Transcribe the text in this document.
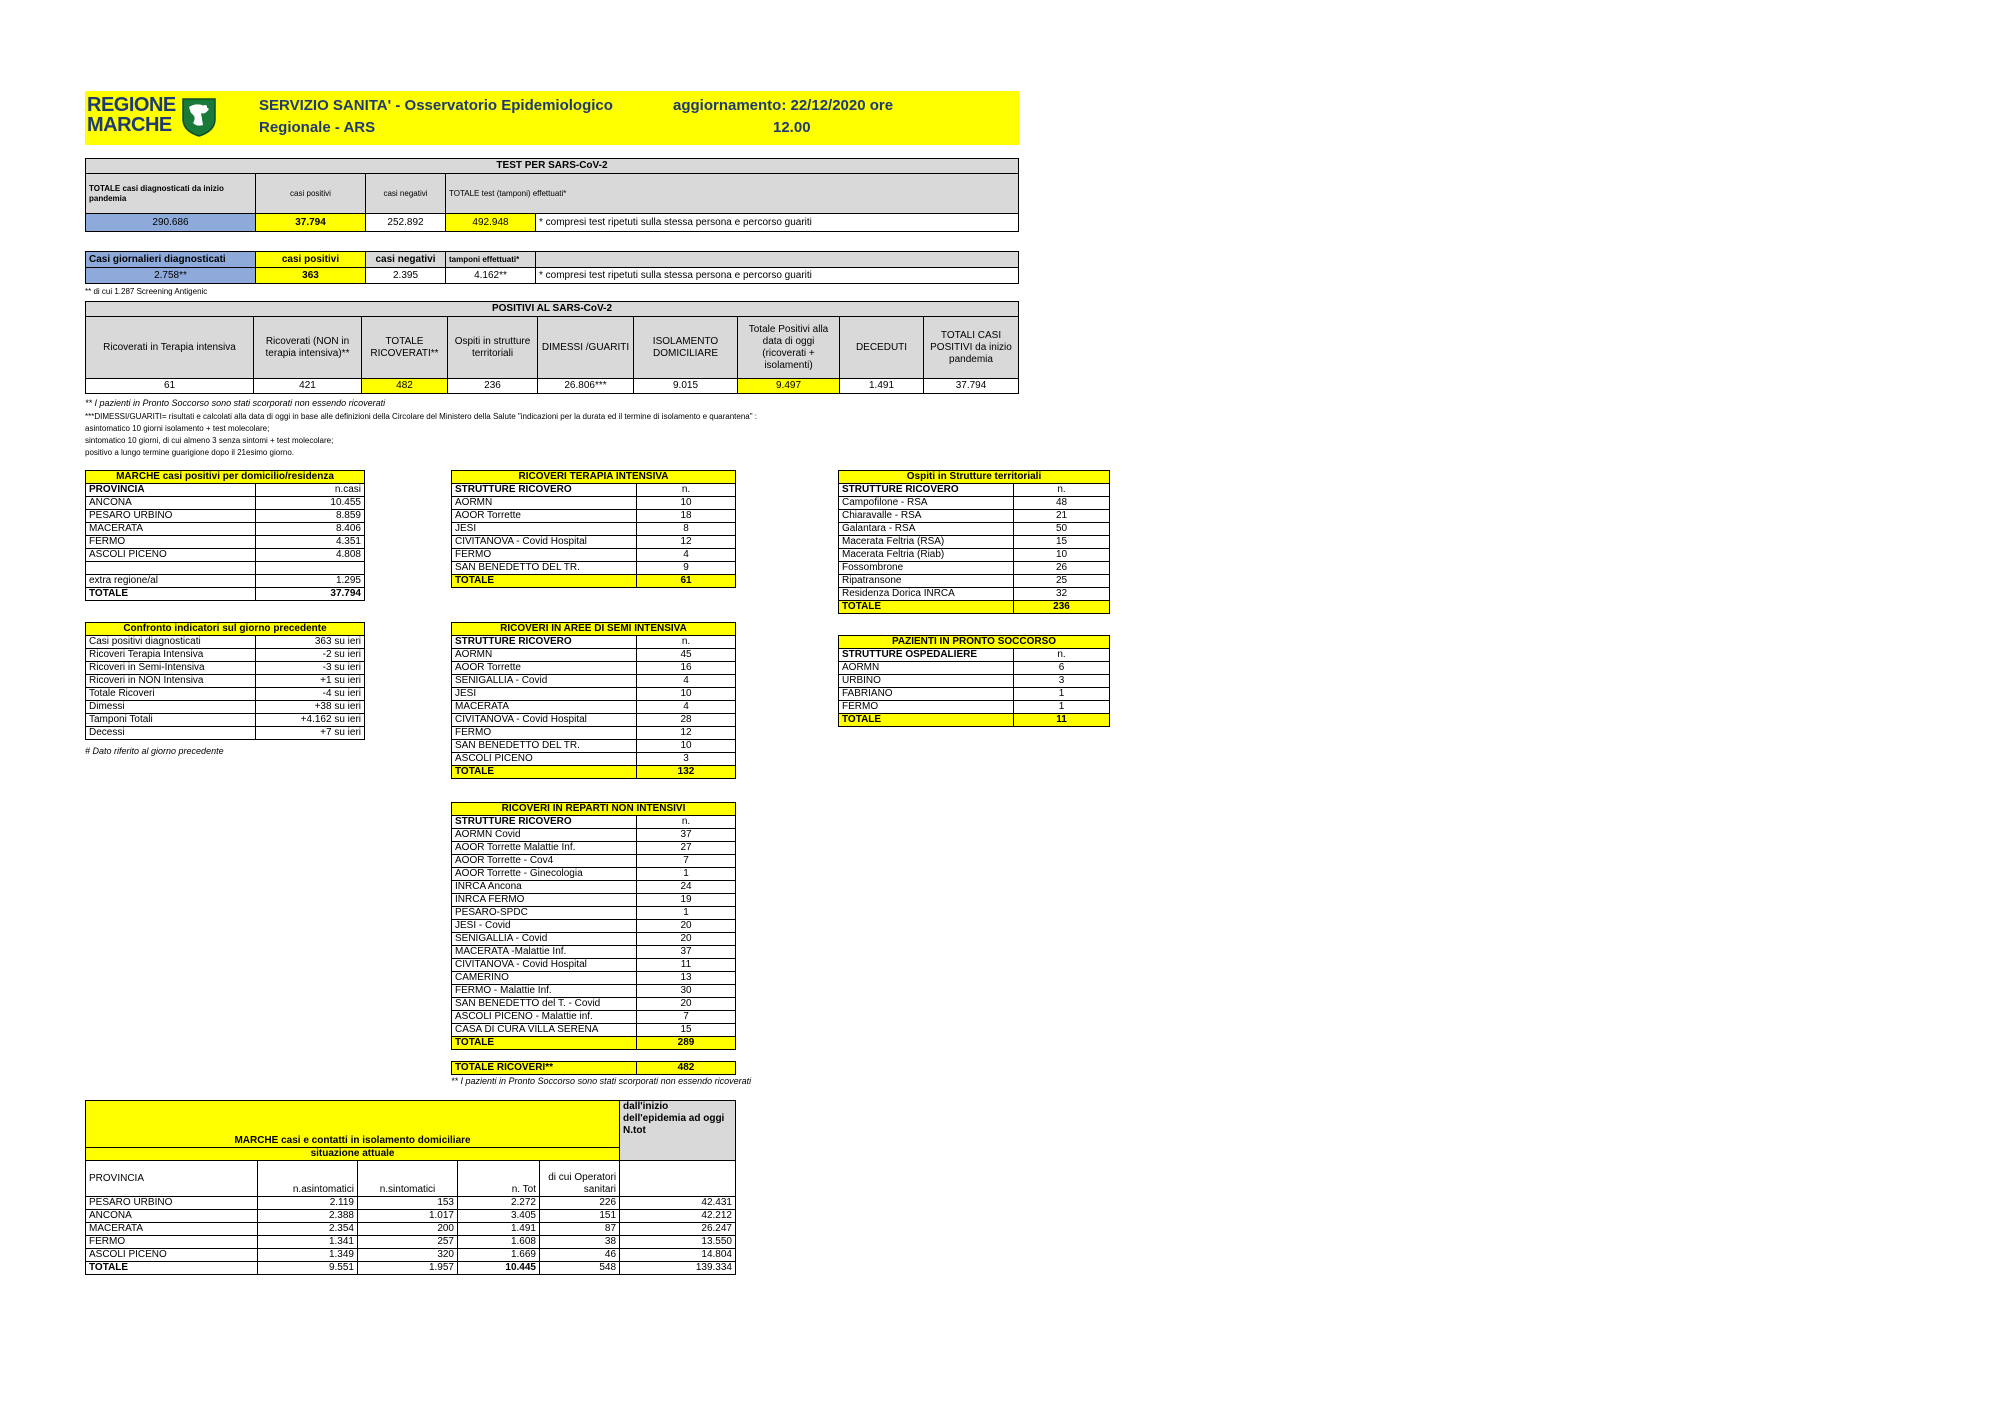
REGIONE
MARCHE
SERVIZIO SANITA' - Osservatorio Epidemiologico
Regionale - ARS
aggiornamento: 22/12/2020 ore
12.00
TEST PER SARS-CoV-2				
TOTALE casi diagnosticati da inizio pandemia	casi positivi	casi negativi	TOTALE test (tamponi) effettuati*	
290.686	37.794	252.892	492.948	* compresi test ripetuti sulla stessa persona e percorso guariti
Casi giornalieri diagnosticati	casi positivi	casi negativi	tamponi effettuati*	
2.758**	363	2.395	4.162**	* compresi test ripetuti sulla stessa persona e percorso guariti
** di cui 1.287 Screening Antigenic
POSITIVI AL SARS-CoV-2								
Ricoverati in Terapia intensiva	Ricoverati (NON in terapia intensiva)**	TOTALE RICOVERATI**	Ospiti in strutture territoriali	DIMESSI /GUARITI	ISOLAMENTO DOMICILIARE	Totale Positivi alla data di oggi (ricoverati + isolamenti)	DECEDUTI	TOTALI CASI POSITIVI da inizio pandemia
61	421	482	236	26.806***	9.015	9.497	1.491	37.794
** I pazienti in Pronto Soccorso sono stati scorporati non essendo ricoverati
***DIMESSI/GUARITI= risultati e calcolati alla data di oggi in base alle definizioni della Circolare del Ministero della Salute "indicazioni per la durata ed il termine di isolamento e quarantena" :
asintomatico 10 giorni isolamento + test molecolare;
sintomatico 10 giorni, di cui almeno 3 senza sintomi + test molecolare;
positivo a lungo termine guarigione dopo il 21esimo giorno.
MARCHE casi positivi per domicilio/residenza	
PROVINCIA	n.casi
ANCONA	10.455
PESARO URBINO	8.859
MACERATA	8.406
FERMO	4.351
ASCOLI PICENO	4.808

extra regione/al	1.295
TOTALE	37.794
Confronto indicatori sul giorno precedente	
Casi positivi diagnosticati	363 su ieri
Ricoveri Terapia Intensiva	-2 su ieri
Ricoveri in Semi-Intensiva	-3 su ieri
Ricoveri in NON Intensiva	+1 su ieri
Totale Ricoveri	-4 su ieri
Dimessi	+38 su ieri
Tamponi Totali	+4.162 su ieri
Decessi	+7 su ieri
# Dato riferito al giorno precedente
RICOVERI TERAPIA INTENSIVA	
STRUTTURE RICOVERO	n.
AORMN	10
AOOR Torrette	18
JESI	8
CIVITANOVA - Covid Hospital	12
FERMO	4
SAN BENEDETTO DEL TR.	9
TOTALE	61
RICOVERI IN AREE DI SEMI INTENSIVA	
STRUTTURE RICOVERO	n.
AORMN	45
AOOR Torrette	16
SENIGALLIA - Covid	4
JESI	10
MACERATA	4
CIVITANOVA - Covid Hospital	28
FERMO	12
SAN BENEDETTO DEL TR.	10
ASCOLI PICENO	3
TOTALE	132
RICOVERI IN REPARTI NON INTENSIVI	
STRUTTURE RICOVERO	n.
AORMN Covid	37
AOOR Torrette Malattie Inf.	27
AOOR Torrette - Cov4	7
AOOR Torrette - Ginecologia	1
INRCA Ancona	24
INRCA FERMO	19
PESARO-SPDC	1
JESI - Covid	20
SENIGALLIA - Covid	20
MACERATA -Malattie Inf.	37
CIVITANOVA - Covid Hospital	11
CAMERINO	13
FERMO - Malattie Inf.	30
SAN BENEDETTO del T. - Covid	20
ASCOLI PICENO - Malattie inf.	7
CASA DI CURA VILLA SERENA	15
TOTALE	289
TOTALE RICOVERI**	482
** I pazienti in Pronto Soccorso sono stati scorporati non essendo ricoverati
Ospiti in Strutture territoriali	
STRUTTURE RICOVERO	n.
Campofilone - RSA	48
Chiaravalle - RSA	21
Galantara - RSA	50
Macerata Feltria (RSA)	15
Macerata Feltria (Riab)	10
Fossombrone	26
Ripatransone	25
Residenza Dorica INRCA	32
TOTALE	236
PAZIENTI IN PRONTO SOCCORSO	
STRUTTURE OSPEDALIERE	n.
AORMN	6
URBINO	3
FABRIANO	1
FERMO	1
TOTALE	11
MARCHE casi e contatti in isolamento domiciliare					dall'inizio dell'epidemia ad oggi N.tot
situazione attuale					
PROVINCIA	n.asintomatici	n.sintomatici	n. Tot	di cui Operatori sanitari	
PESARO URBINO	2.119	153	2.272	226	42.431
ANCONA	2.388	1.017	3.405	151	42.212
MACERATA	2.354	200	1.491	87	26.247
FERMO	1.341	257	1.608	38	13.550
ASCOLI PICENO	1.349	320	1.669	46	14.804
TOTALE	9.551	1.957	10.445	548	139.334
